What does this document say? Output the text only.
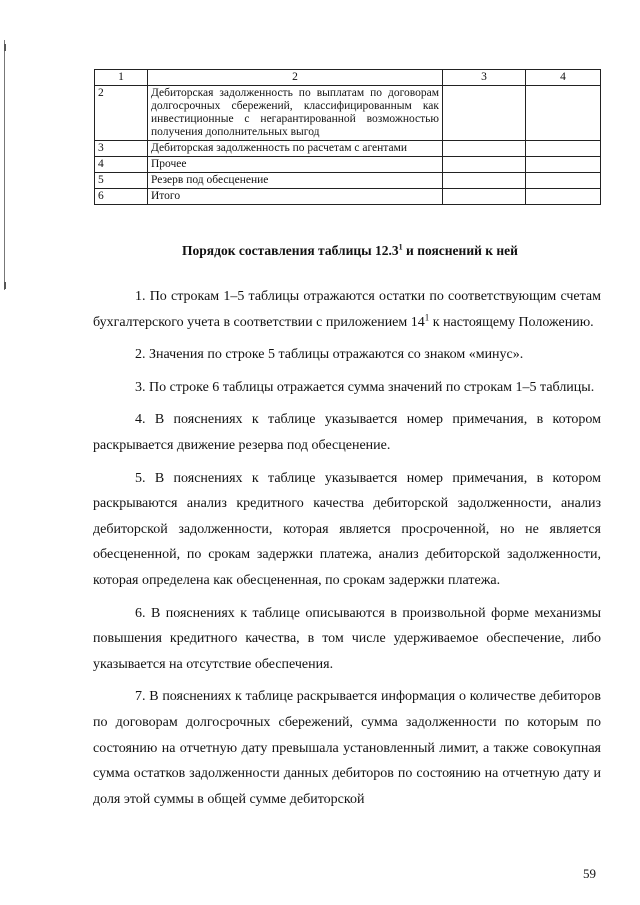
1	2	3	4
2	Дебиторская задолженность по выплатам по договорам долгосрочных сбережений, классифицированным как инвестиционные с негарантированной возможностью получения дополнительных выгод		
3	Дебиторская задолженность по расчетам с агентами		
4	Прочее		
5	Резерв под обесценение		
6	Итого		
Порядок составления таблицы 12.3$^1$ и пояснений к ней

1. По строкам 1–5 таблицы отражаются остатки по соответствующим счетам бухгалтерского учета в соответствии с приложением $14^1$ к настоящему Положению.

2. Значения по строке 5 таблицы отражаются со знаком «минус».

3. По строке 6 таблицы отражается сумма значений по строкам 1–5 таблицы.

4. В пояснениях к таблице указывается номер примечания, в котором раскрывается движение резерва под обесценение.

5. В пояснениях к таблице указывается номер примечания, в котором раскрываются анализ кредитного качества дебиторской задолженности, анализ дебиторской задолженности, которая является просроченной, но не является обесцененной, по срокам задержки платежа, анализ дебиторской задолженности, которая определена как обесцененная, по срокам задержки платежа.

6. В пояснениях к таблице описываются в произвольной форме механизмы повышения кредитного качества, в том числе удерживаемое обеспечение, либо указывается на отсутствие обеспечения.

7. В пояснениях к таблице раскрывается информация о количестве дебиторов по договорам долгосрочных сбережений, сумма задолженности по которым по состоянию на отчетную дату превышала установленный лимит, а также совокупная сумма остатков задолженности данных дебиторов по состоянию на отчетную дату и доля этой суммы в общей сумме дебиторской

59
